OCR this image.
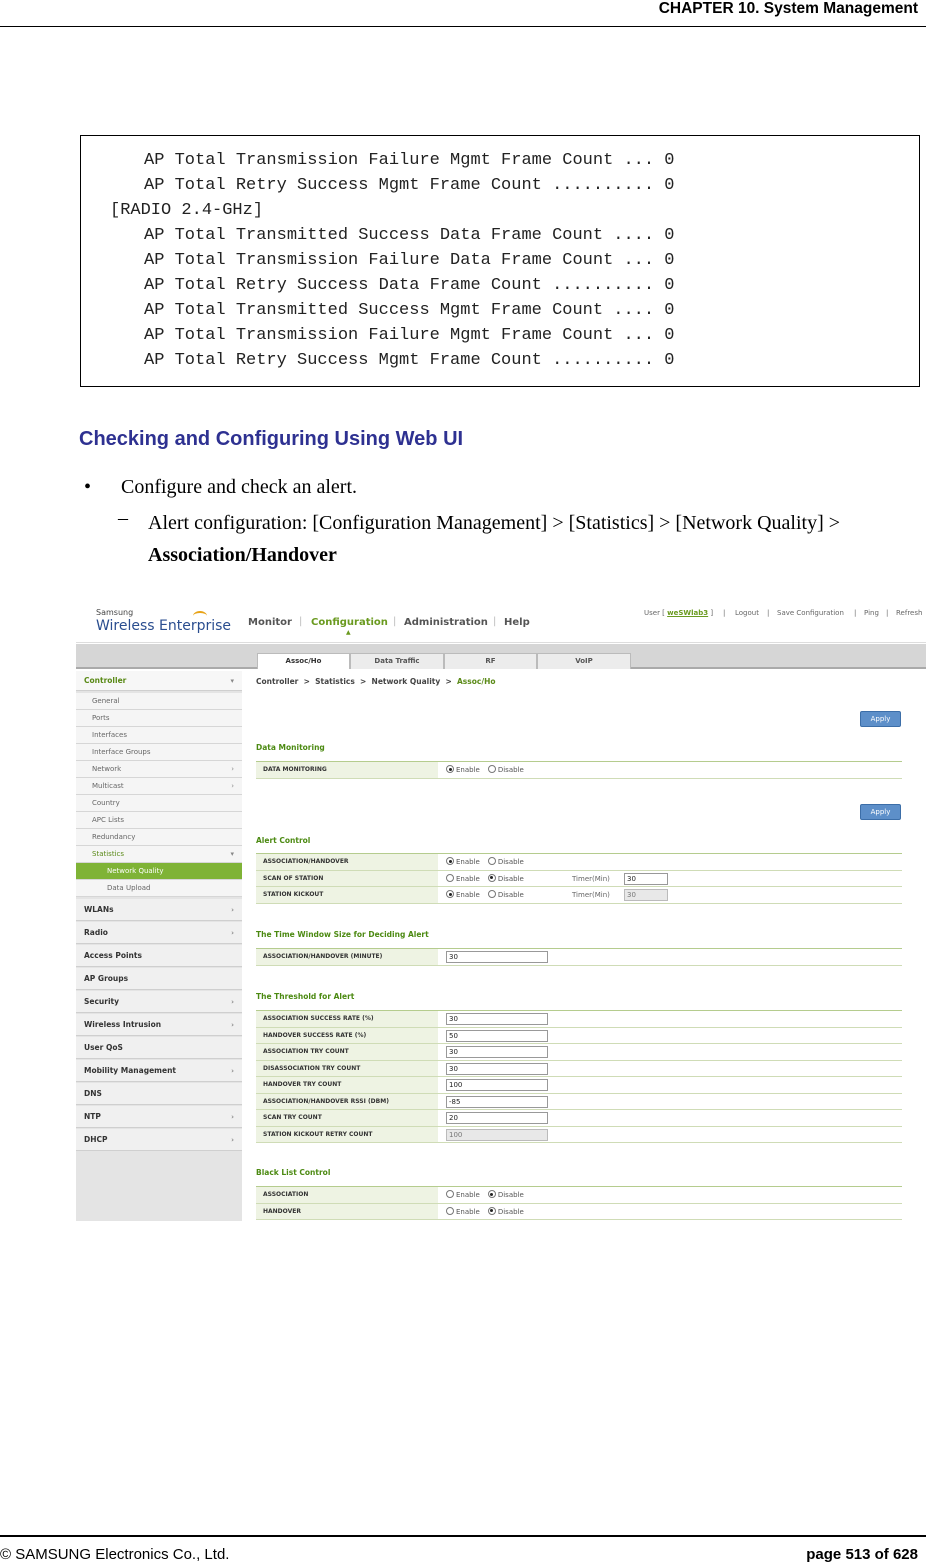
CHAPTER 10. System Management
AP Total Transmission Failure Mgmt Frame Count ... 0
AP Total Retry Success Mgmt Frame Count .......... 0
[RADIO 2.4-GHz]
AP Total Transmitted Success Data Frame Count .... 0
AP Total Transmission Failure Data Frame Count ... 0
AP Total Retry Success Data Frame Count .......... 0
AP Total Transmitted Success Mgmt Frame Count .... 0
AP Total Transmission Failure Mgmt Frame Count ... 0
AP Total Retry Success Mgmt Frame Count .......... 0
Checking and Configuring Using Web UI
• Configure and check an alert.
– Alert configuration: [Configuration Management] > [Statistics] > [Network Quality] > Association/Handover
Samsung
Wireless Enterprise Monitor | Configuration
▲
| Administration | Help
User [ weSWlab3 ] | Logout | Save Configuration | Ping | Refresh
Assoc/Ho	Data Traffic	RF	VoIP
Controller	▾
General
Ports
Interfaces
Interface Groups
Network	›
Multicast	›
Country
APC Lists
Redundancy
Statistics	▾
Network Quality
Data Upload
WLANs	›
Radio	›
Access Points
AP Groups
Security	›
Wireless Intrusion	›
User QoS
Mobility Management	›
DNS
NTP	›
DHCP	›
Controller  >  Statistics  >  Network Quality  >  Assoc/Ho
Apply
Data Monitoring
DATA MONITORING	Enable	Disable
Apply
Alert Control
ASSOCIATION/HANDOVER	Enable	Disable
SCAN OF STATION	Enable	Disable	Timer(Min)	30
STATION KICKOUT	Enable	Disable	Timer(Min)	30
The Time Window Size for Deciding Alert
ASSOCIATION/HANDOVER (MINUTE)	30
The Threshold for Alert
ASSOCIATION SUCCESS RATE (%)	30
HANDOVER SUCCESS RATE (%)	50
ASSOCIATION TRY COUNT	30
DISASSOCIATION TRY COUNT	30
HANDOVER TRY COUNT	100
ASSOCIATION/HANDOVER RSSI (DBM)	-85
SCAN TRY COUNT	20
STATION KICKOUT RETRY COUNT	100
Black List Control
ASSOCIATION	Enable	Disable
HANDOVER	Enable	Disable
© SAMSUNG Electronics Co., Ltd.	page 513 of 628
